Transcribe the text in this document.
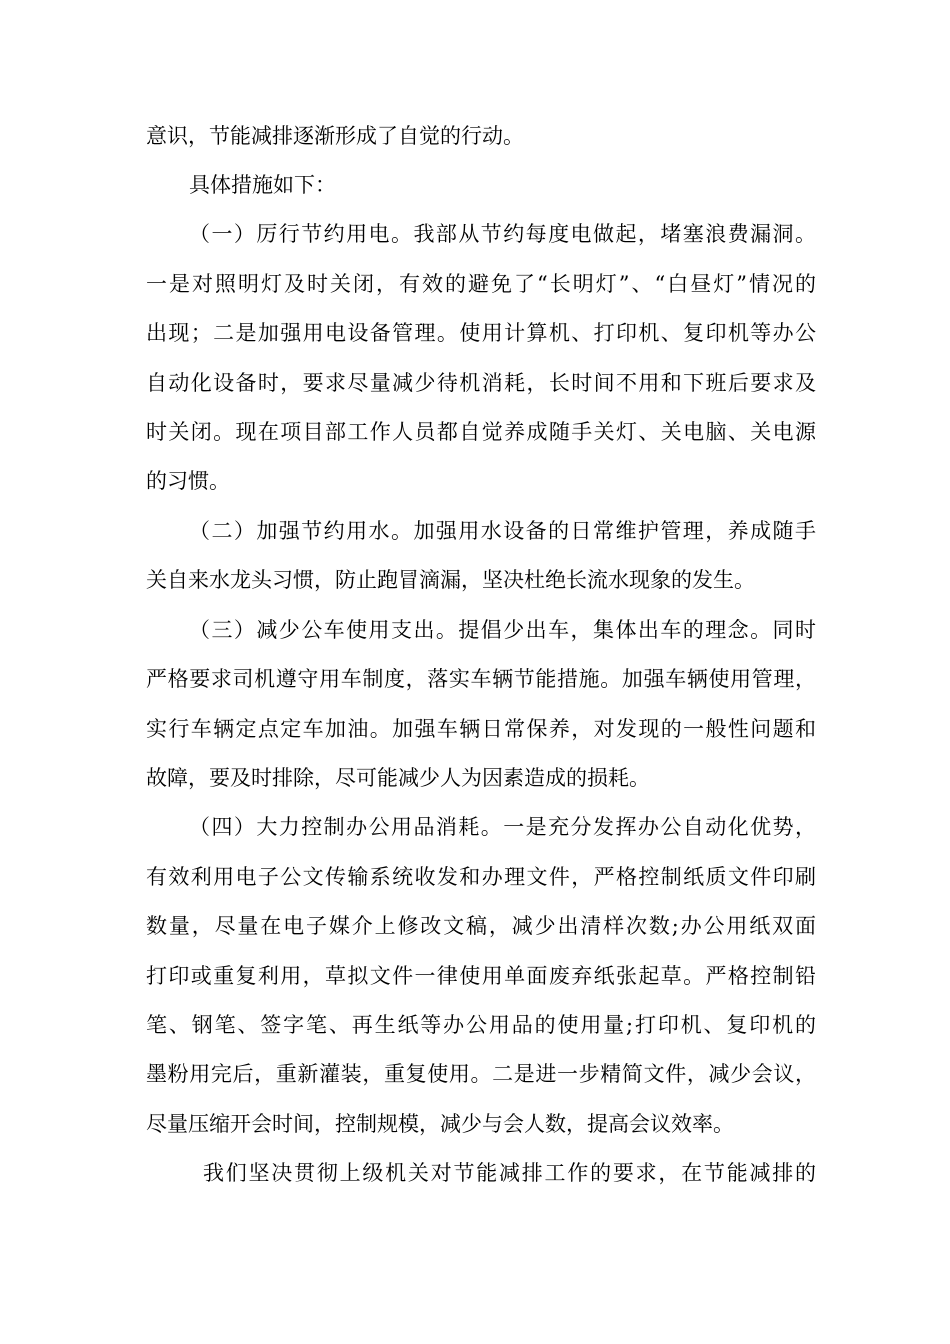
意识，节能减排逐渐形成了自觉的行动。
具体措施如下：
（一）厉行节约用电。我部从节约每度电做起，堵塞浪费漏洞。
一是对照明灯及时关闭，有效的避免了“长明灯”、“白昼灯”情况的
出现；二是加强用电设备管理。使用计算机、打印机、复印机等办公
自动化设备时，要求尽量减少待机消耗，长时间不用和下班后要求及
时关闭。现在项目部工作人员都自觉养成随手关灯、关电脑、关电源
的习惯。
（二）加强节约用水。加强用水设备的日常维护管理，养成随手
关自来水龙头习惯，防止跑冒滴漏，坚决杜绝长流水现象的发生。
（三）减少公车使用支出。提倡少出车，集体出车的理念。同时
严格要求司机遵守用车制度，落实车辆节能措施。加强车辆使用管理，
实行车辆定点定车加油。加强车辆日常保养，对发现的一般性问题和
故障，要及时排除，尽可能减少人为因素造成的损耗。
（四）大力控制办公用品消耗。一是充分发挥办公自动化优势，
有效利用电子公文传输系统收发和办理文件，严格控制纸质文件印刷
数量，尽量在电子媒介上修改文稿，减少出清样次数;办公用纸双面
打印或重复利用，草拟文件一律使用单面废弃纸张起草。严格控制铅
笔、钢笔、签字笔、再生纸等办公用品的使用量;打印机、复印机的
墨粉用完后，重新灌装，重复使用。二是进一步精简文件，减少会议，
尽量压缩开会时间，控制规模，减少与会人数，提高会议效率。
我们坚决贯彻上级机关对节能减排工作的要求，在节能减排的
